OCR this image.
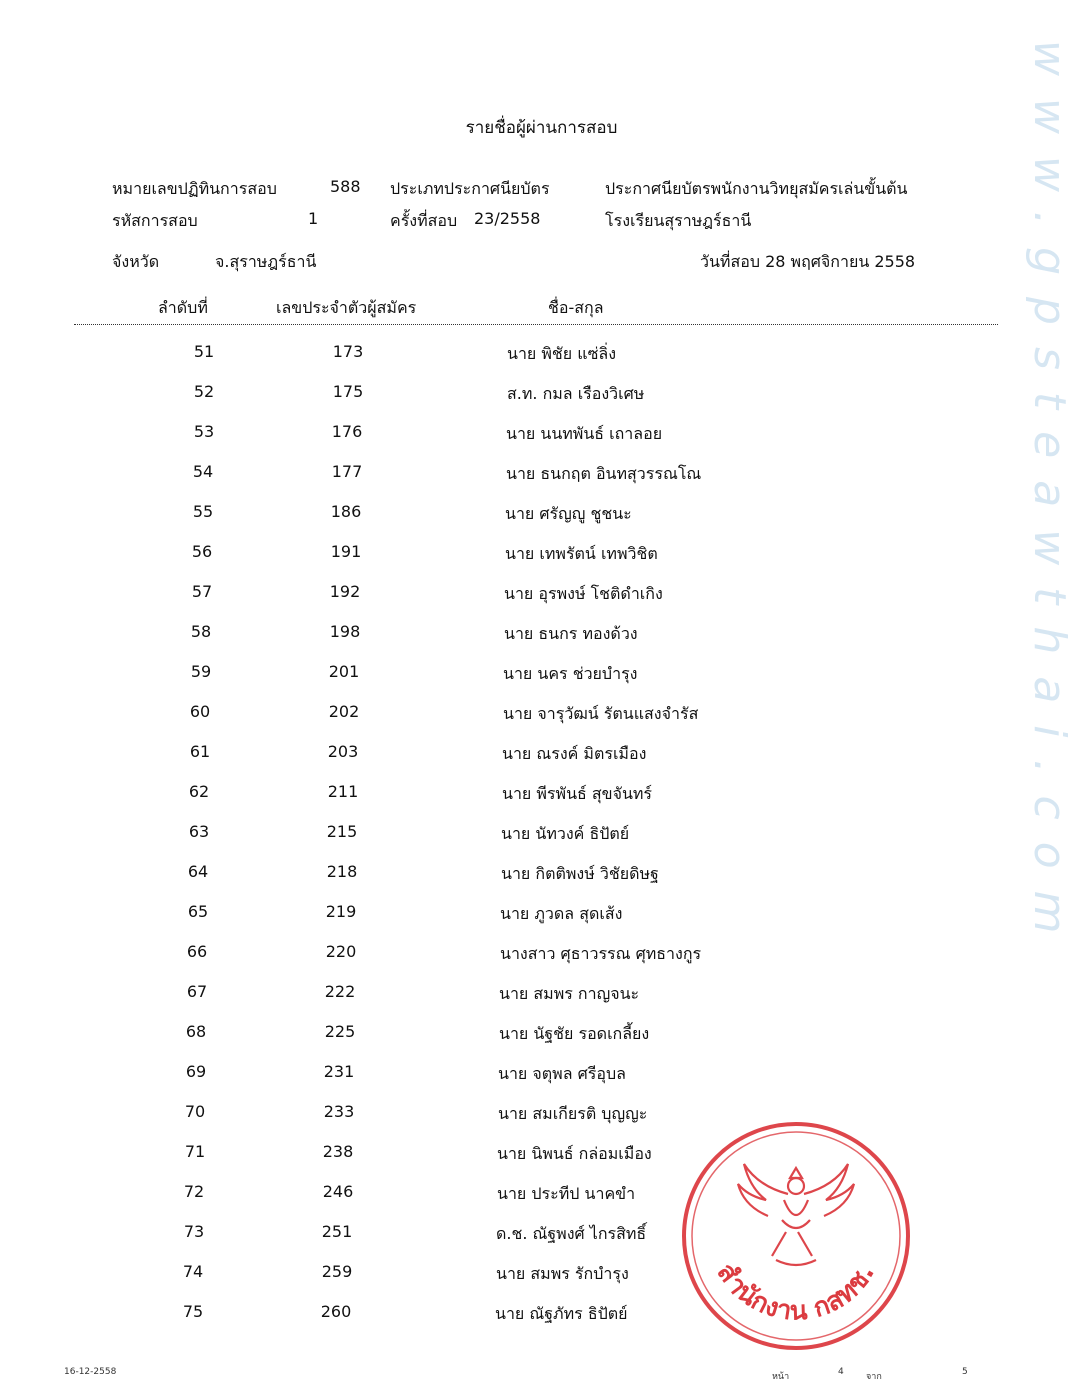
www.gpsteawthai.com
รายชื่อผู้ผ่านการสอบ
หมายเลขปฏิทินการสอบ	588 ประเภทประกาศนียบัตร	ประกาศนียบัตรพนักงานวิทยุสมัครเล่นขั้นต้น
รหัสการสอบ	1	ครั้งที่สอบ 23/2558	โรงเรียนสุราษฎร์ธานี
จังหวัด	จ.สุราษฎร์ธานี	วันที่สอบ 28 พฤศจิกายน 2558
ลำดับที่	เลขประจำตัวผู้สมัคร	ชื่อ-สกุล
51	173	นาย พิชัย แซ่ลิ่ง
52	175	ส.ท. กมล เรืองวิเศษ
53	176	นาย นนทพันธ์ เถาลอย
54	177	นาย ธนกฤต อินทสุวรรณโณ
55	186	นาย ศรัญญู ชูชนะ
56	191	นาย เทพรัตน์ เทพวิชิต
57	192	นาย อุรพงษ์ โชติดำเกิง
58	198	นาย ธนกร ทองด้วง
59	201	นาย นคร ช่วยบำรุง
60	202	นาย จารุวัฒน์ รัตนแสงจำรัส
61	203	นาย ณรงค์ มิตรเมือง
62	211	นาย พีรพันธ์ สุขจันทร์
63	215	นาย นัทวงค์ ธิปัตย์
64	218	นาย กิตติพงษ์ วิชัยดิษฐ
65	219	นาย ภูวดล สุดเส้ง
66	220	นางสาว ศุธาวรรณ ศุทธางกูร
67	222	นาย สมพร กาญจนะ
68	225	นาย นัฐชัย รอดเกลี้ยง
69	231	นาย จตุพล ศรีอุบล
70	233	นาย สมเกียรติ บุญญะ
71	238	นาย นิพนธ์ กล่อมเมือง
72	246	นาย ประทีป นาคขำ
73	251	ด.ช. ณัฐพงศ์ ไกรสิทธิ์
74	259	นาย สมพร รักบำรุง
75	260	นาย ณัฐภัทร ธิปัตย์
สำนักงาน กสทช.
16-12-2558	หน้า	4 จาก	5
